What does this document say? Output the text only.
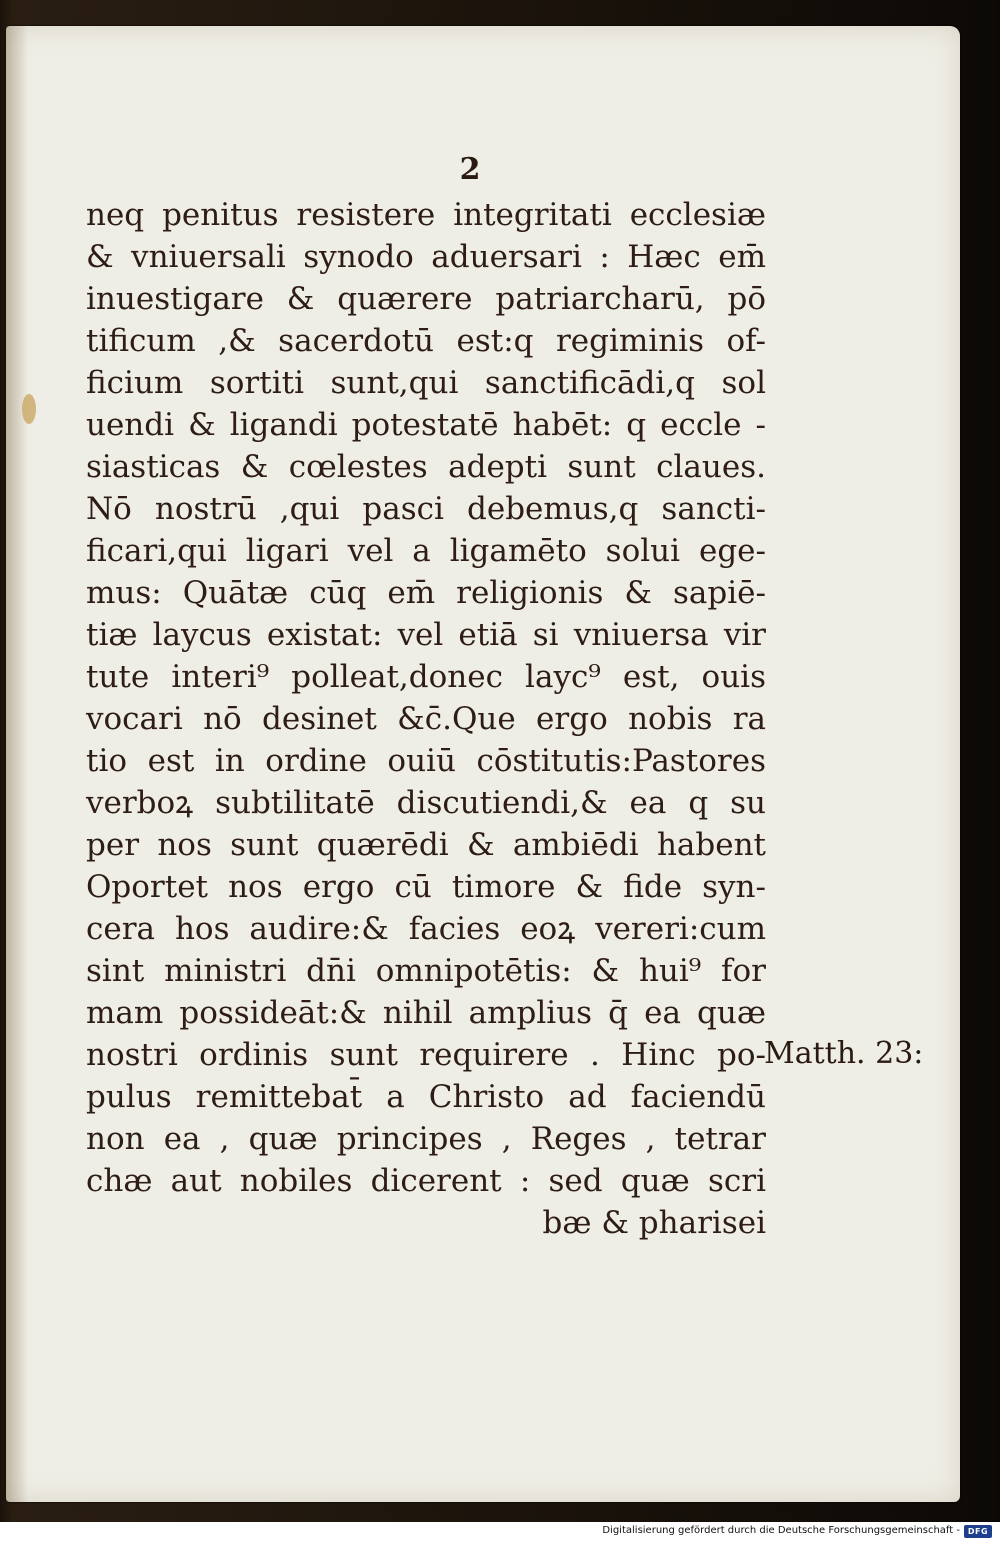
2
neq penitus resistere integritati ecclesiæ
& vniuersali synodo aduersari : Hæc em̄
inuestigare & quærere patriarcharū, pō
tificum ,& sacerdotū est:q regiminis of-
ficium sortiti sunt,qui sanctificādi,q sol
uendi & ligandi potestatē habēt: q eccle -
siasticas & cœlestes adepti sunt claues.
Nō nostrū ,qui pasci debemus,q sancti-
ficari,qui ligari vel a ligamēto solui ege-
mus: Quātæ cūq em̄ religionis & sapiē-
tiæ laycus existat: vel etiā si vniuersa vir
tute interi⁹ polleat,donec layc⁹ est, ouis
vocari nō desinet &c̄.Que ergo nobis ra
tio est in ordine ouiū cōstitutis:Pastores
verboꝝ subtilitatē discutiendi,& ea q su
per nos sunt quærēdi & ambiēdi habent
Oportet nos ergo cū timore & fide syn-
cera hos audire:& facies eoꝝ vereri:cum
sint ministri dn̄i omnipotētis: & hui⁹ for
mam possideāt:& nihil amplius q̄ ea quæ
nostri ordinis sunt requirere . Hinc po-
pulus remittebat̄ a Christo ad faciendū
non ea , quæ principes , Reges , tetrar
chæ aut nobiles dicerent : sed quæ scri
bæ & pharisei
Matth. 23:
Digitalisierung gefördert durch die Deutsche Forschungsgemeinschaft - DFG
